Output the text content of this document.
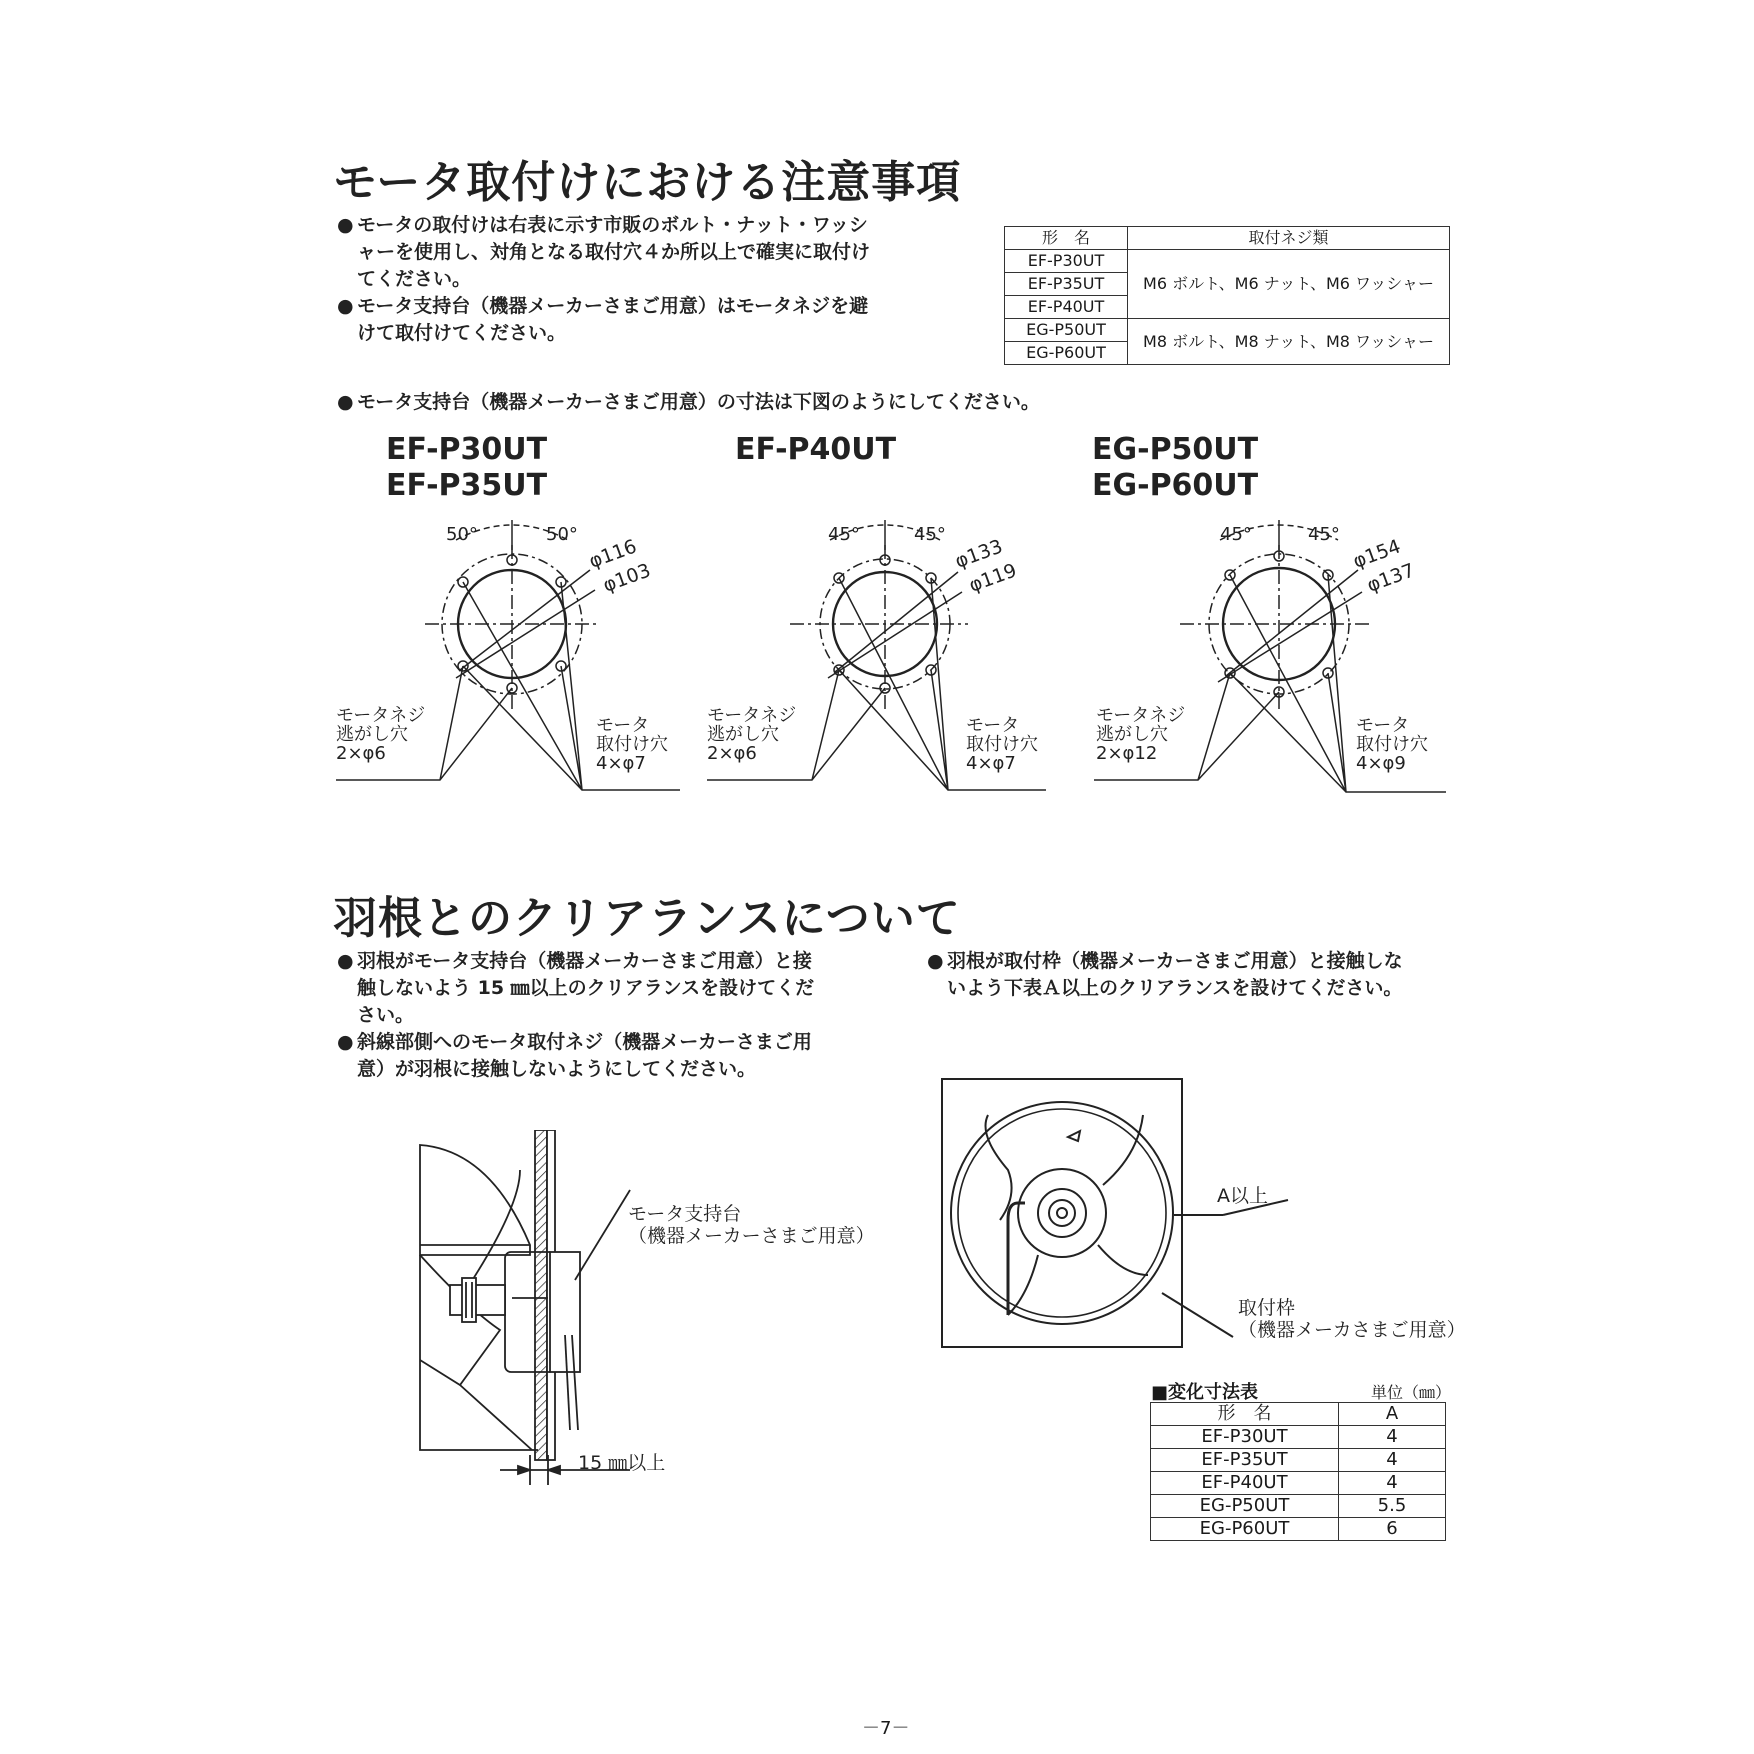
モータ取付けにおける注意事項
● モータの取付けは右表に示す市販のボルト・ナット・ワッシ
ャーを使用し、対角となる取付穴４か所以上で確実に取付け
てください。
● モータ支持台（機器メーカーさまご用意）はモータネジを避
けて取付けてください。
形　名	取付ネジ類
EF-P30UT	M6 ボルト、M6 ナット、M6 ワッシャー
EF-P35UT	
EF-P40UT	
EG-P50UT	M8 ボルト、M8 ナット、M8 ワッシャー
EG-P60UT	
● モータ支持台（機器メーカーさまご用意）の寸法は下図のようにしてください。
EF-P30UT
EF-P35UT
EF-P40UT	EG-P50UT
EG-P60UT
50°	50°
φ116
φ103
モータネジ
逃がし穴
2×φ6
モータ
取付け穴
4×φ7
45°	45°
φ133
φ119
モータネジ
逃がし穴
2×φ6
モータ
取付け穴
4×φ7
45°	45°
φ154
φ137
モータネジ
逃がし穴
2×φ12
モータ
取付け穴
4×φ9
羽根とのクリアランスについて
● 羽根がモータ支持台（機器メーカーさまご用意）と接
触しないよう 15 ㎜以上のクリアランスを設けてくだ
さい。
● 斜線部側へのモータ取付ネジ（機器メーカーさまご用
意）が羽根に接触しないようにしてください。
● 羽根が取付枠（機器メーカーさまご用意）と接触しな
いよう下表Ａ以上のクリアランスを設けてください。
モータ支持台
（機器メーカーさまご用意）
15 ㎜以上
A以上
取付枠
（機器メーカさまご用意）
■変化寸法表	単位（㎜）
形　名	A
EF-P30UT	4
EF-P35UT	4
EF-P40UT	4
EG-P50UT	5.5
EG-P60UT	6
－7－
